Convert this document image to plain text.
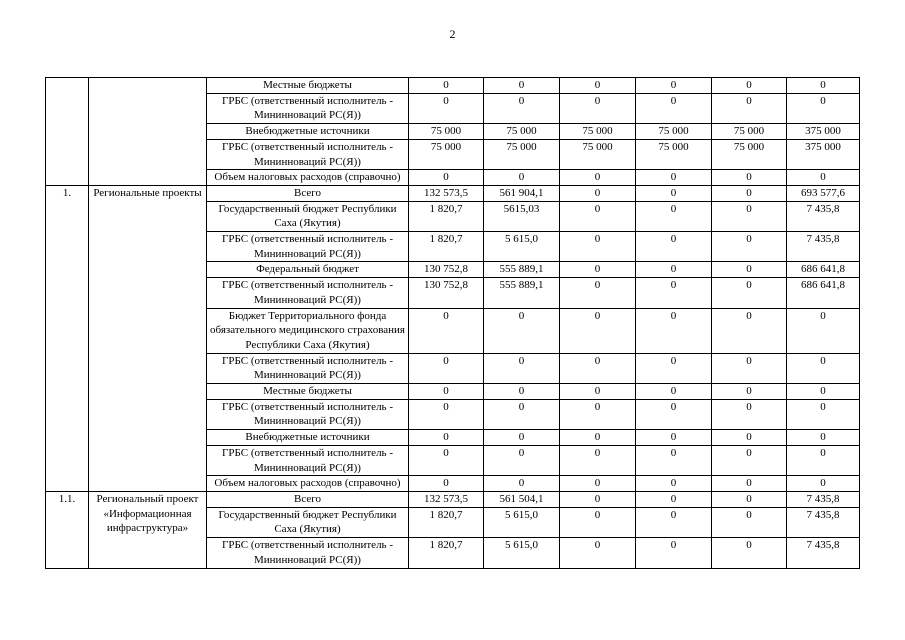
2
		Местные бюджеты	0	0	0	0	0	0
		ГРБС (ответственный исполнитель - Мининноваций РС(Я))	0	0	0	0	0	0
		Внебюджетные источники	75 000	75 000	75 000	75 000	75 000	375 000
		ГРБС (ответственный исполнитель - Мининноваций РС(Я))	75 000	75 000	75 000	75 000	75 000	375 000
		Объем налоговых расходов (справочно)	0	0	0	0	0	0
1.	Региональные проекты	Всего	132 573,5	561 904,1	0	0	0	693 577,6
		Государственный бюджет Республики Саха (Якутия)	1 820,7	5615,03	0	0	0	7 435,8
		ГРБС (ответственный исполнитель - Мининноваций РС(Я))	1 820,7	5 615,0	0	0	0	7 435,8
		Федеральный бюджет	130 752,8	555 889,1	0	0	0	686 641,8
		ГРБС (ответственный исполнитель - Мининноваций РС(Я))	130 752,8	555 889,1	0	0	0	686 641,8
		Бюджет Территориального фонда обязательного медицинского страхования Республики Саха (Якутия)	0	0	0	0	0	0
		ГРБС (ответственный исполнитель - Мининноваций РС(Я))	0	0	0	0	0	0
		Местные бюджеты	0	0	0	0	0	0
		ГРБС (ответственный исполнитель - Мининноваций РС(Я))	0	0	0	0	0	0
		Внебюджетные источники	0	0	0	0	0	0
		ГРБС (ответственный исполнитель - Мининноваций РС(Я))	0	0	0	0	0	0
		Объем налоговых расходов (справочно)	0	0	0	0	0	0
1.1.	Региональный проект «Информационная инфраструктура»	Всего	132 573,5	561 504,1	0	0	0	7 435,8
		Государственный бюджет Республики Саха (Якутия)	1 820,7	5 615,0	0	0	0	7 435,8
		ГРБС (ответственный исполнитель - Мининноваций РС(Я))	1 820,7	5 615,0	0	0	0	7 435,8
